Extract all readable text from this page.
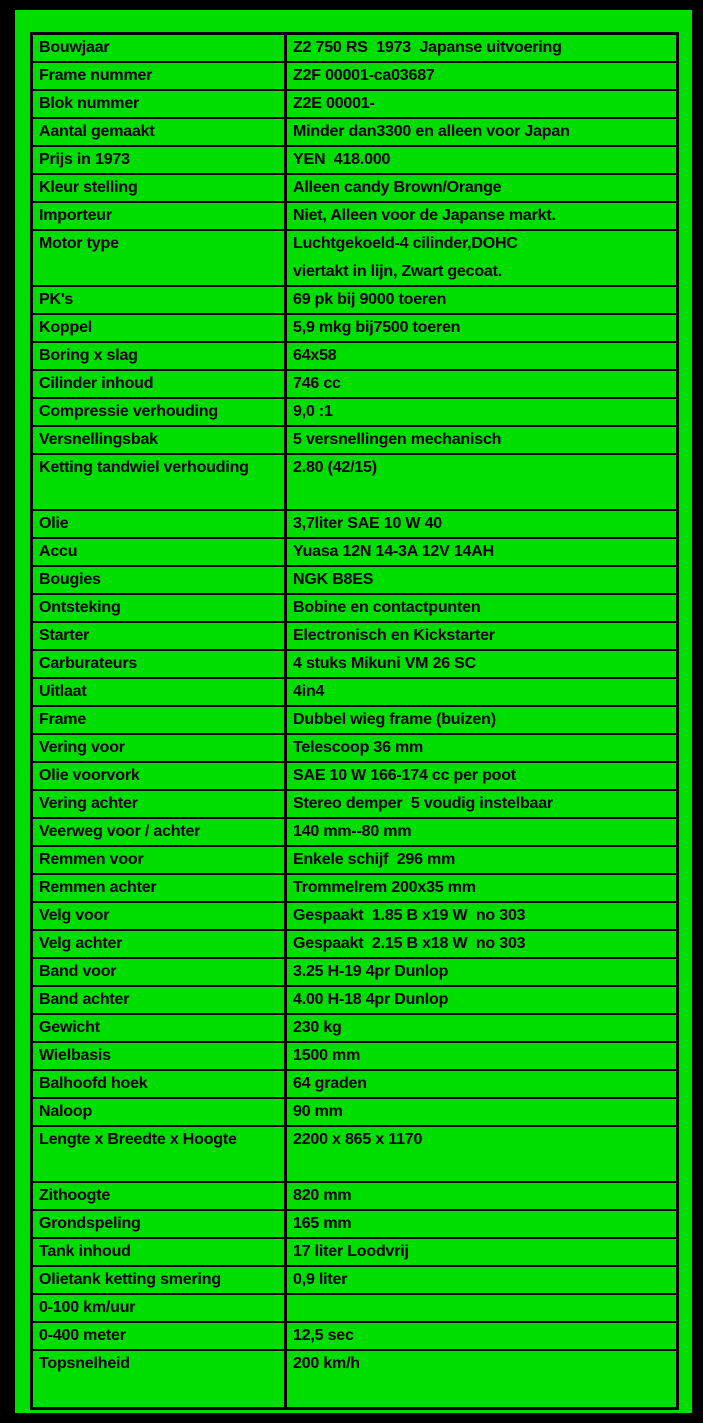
Bouwjaar	Z2 750 RS  1973  Japanse uitvoering
Frame nummer	Z2F 00001-ca03687
Blok nummer	Z2E 00001-
Aantal gemaakt	Minder dan3300 en alleen voor Japan
Prijs in 1973	YEN  418.000
Kleur stelling	Alleen candy Brown/Orange
Importeur	Niet, Alleen voor de Japanse markt.
Motor type	Luchtgekoeld-4 cilinder,DOHC
viertakt in lijn, Zwart gecoat.
PK's	69 pk bij 9000 toeren
Koppel	5,9 mkg bij7500 toeren
Boring x slag	64x58
Cilinder inhoud	746 cc
Compressie verhouding	9,0 :1
Versnellingsbak	5 versnellingen mechanisch
Ketting tandwiel verhouding	2.80 (42/15)
Olie	3,7liter SAE 10 W 40
Accu	Yuasa 12N 14-3A 12V 14AH
Bougies	NGK B8ES
Ontsteking	Bobine en contactpunten
Starter	Electronisch en Kickstarter
Carburateurs	4 stuks Mikuni VM 26 SC
Uitlaat	4in4
Frame	Dubbel wieg frame (buizen)
Vering voor	Telescoop 36 mm
Olie voorvork	SAE 10 W 166-174 cc per poot
Vering achter	Stereo demper  5 voudig instelbaar
Veerweg voor / achter	140 mm--80 mm
Remmen voor	Enkele schijf  296 mm
Remmen achter	Trommelrem 200x35 mm
Velg voor	Gespaakt  1.85 B x19 W  no 303
Velg achter	Gespaakt  2.15 B x18 W  no 303
Band voor	3.25 H-19 4pr Dunlop
Band achter	4.00 H-18 4pr Dunlop
Gewicht	230 kg
Wielbasis	1500 mm
Balhoofd hoek	64 graden
Naloop	90 mm
Lengte x Breedte x Hoogte	2200 x 865 x 1170
Zithoogte	820 mm
Grondspeling	165 mm
Tank inhoud	17 liter Loodvrij
Olietank ketting smering	0,9 liter
0-100 km/uur
0-400 meter	12,5 sec
Topsnelheid	200 km/h
